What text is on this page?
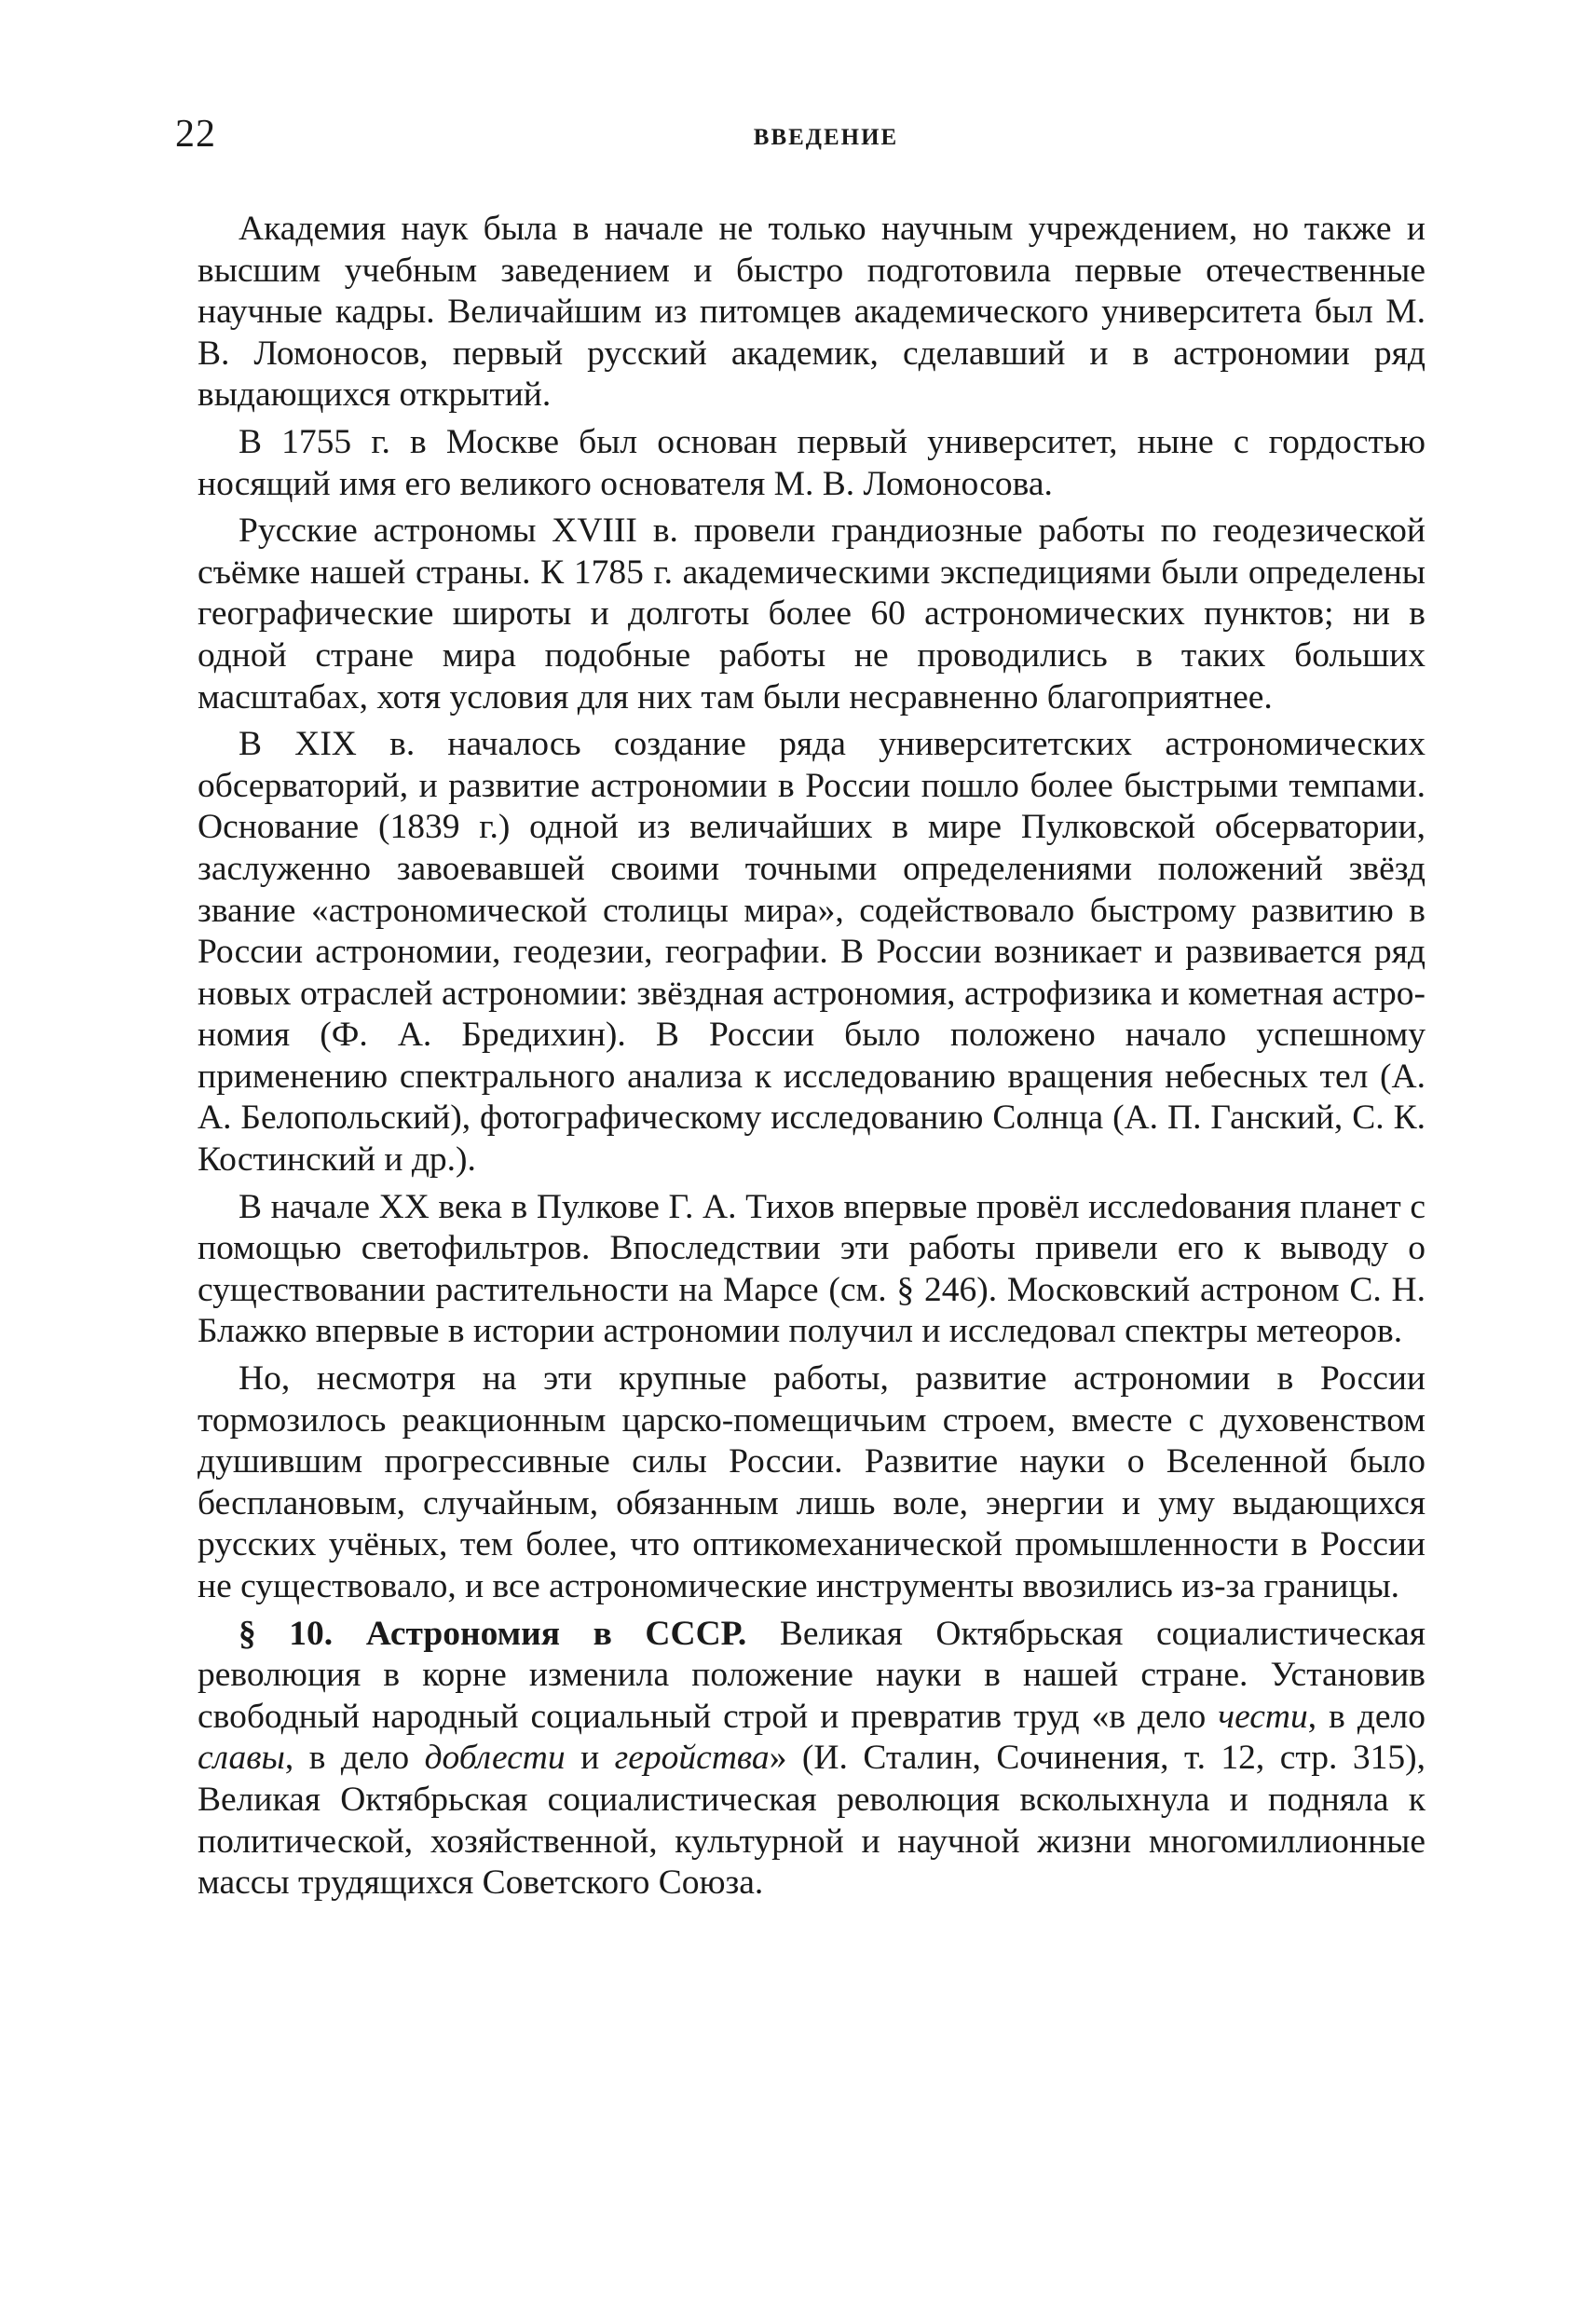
22	ВВЕДЕНИЕ

Академия наук была в начале не только научным учреждением, но также и высшим учебным заведением и быстро подготовила первые отечественные научные кадры. Величайшим из питомцев академического университета был М. В. Ломоносов, первый русский академик, сделавший и в астрономии ряд выдающихся открытий.

В 1755 г. в Москве был основан первый университет, ныне с гордостью носящий имя его великого основателя М. В. Ломоносова.

Русские астрономы XVIII в. провели грандиозные работы по геодезической съёмке нашей страны. К 1785 г. академическими экспедициями были определены географические широты и долготы более 60 астрономических пунктов; ни в одной стране мира подобные работы не проводились в таких больших масштабах, хотя условия для них там были несравненно благоприятнее.

В XIX в. началось создание ряда университетских астрономических обсерваторий, и развитие астрономии в России пошло более быстрыми темпами. Основание (1839 г.) одной из величайших в мире Пулковской обсерватории, заслуженно завоевавшей своими точными определениями положений звёзд звание «астрономической столицы мира», содействовало быстрому развитию в России астрономии, геодезии, географии. В России возникает и развивается ряд новых отраслей астрономии: звёздная астрономия, астрофизика и кометная астрономия (Ф. А. Бредихин). В России было положено начало успешному применению спектрального анализа к исследованию вращения небесных тел (А. А. Белопольский), фотографическому исследованию Солнца (А. П. Ганский, С. К. Костинский и др.).

В начале XX века в Пулкове Г. А. Тихов впервые провёл исслеdования планет с помощью светофильтров. Впоследствии эти работы привели его к выводу о существовании растительности на Марсе (см. § 246). Московский астроном С. Н. Блажко впервые в истории астрономии получил и исследовал спектры метеоров.

Но, несмотря на эти крупные работы, развитие астрономии в России тормозилось реакционным царско-помещичьим строем, вместе с духовенством душившим прогрессивные силы России. Развитие науки о Вселенной было бесплановым, случайным, обязанным лишь воле, энергии и уму выдающихся русских учёных, тем более, что оптикомеханической промышленности в России не существовало, и все астрономические инструменты ввозились из-за границы.

§ 10. Астрономия в СССР. Великая Октябрьская социалистическая революция в корне изменила положение науки в нашей стране. Установив свободный народный социальный строй и превратив труд «в дело чести, в дело славы, в дело доблести и геройства» (И. Сталин, Сочинения, т. 12, стр. 315), Великая Октябрьская социалистическая революция всколыхнула и подняла к политической, хозяйственной, культурной и научной жизни многомиллионные массы трудящихся Советского Союза.
